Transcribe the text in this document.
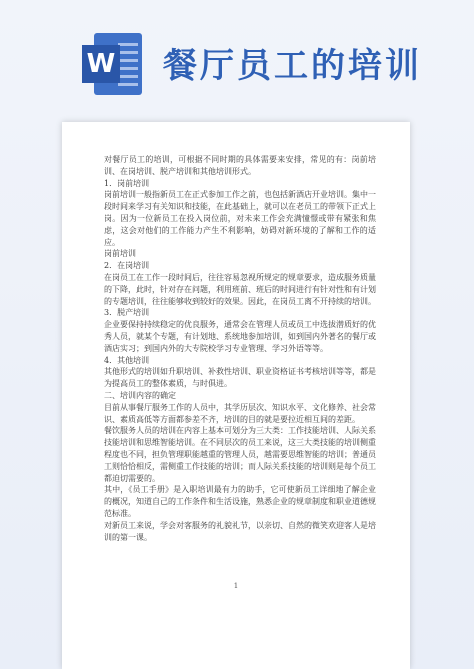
W 餐厅员工的培训

对餐厅员工的培训，可根据不同时期的具体需要来安排，常见的有：岗前培训、在岗培训、脱产培训和其他培训形式。

1．岗前培训

岗前培训一般指新员工在正式参加工作之前，也包括新酒店开业培训。集中一段时间来学习有关知识和技能，在此基础上，就可以在老员工的带领下正式上岗。因为一位新员工在投入岗位前，对未来工作会充满憧憬或带有紧张和焦虑，这会对他们的工作能力产生不利影响，妨碍对新环境的了解和工作的适应。

岗前培训

2．在岗培训

在岗员工在工作一段时间后，往往容易忽视所规定的规章要求，造成服务质量的下降，此时，针对存在问题，利用班前、班后的时间进行有针对性和有计划的专题培训，往往能够收到较好的效果。因此，在岗员工离不开持续的培训。

3．脱产培训

企业要保持持续稳定的优良服务，通常会在管理人员或员工中选拔潜质好的优秀人员，就某个专题，有计划地、系统地参加培训，如到国内外著名的餐厅或酒店实习；到国内外的大专院校学习专业管理、学习外语等等。

4．其他培训

其他形式的培训如升职培训、补救性培训、职业资格证书考核培训等等，都是为提高员工的整体素质，与时俱进。

二、培训内容的确定

目前从事餐厅服务工作的人员中，其学历层次、知识水平、文化修养、社会常识、素质高低等方面都参差不齐，培训的目的就是要拉近相互间的差距。

餐饮服务人员的培训在内容上基本可划分为三大类：工作技能培训、人际关系技能培训和思维智能培训。在不同层次的员工来说，这三大类技能的培训侧重程度也不同，担负管理职能越重的管理人员，越需要思维智能的培训；普通员工则恰恰相反，需侧重工作技能的培训；而人际关系技能的培训则是每个员工都迫切需要的。

其中，《员工手册》是入职培训最有力的助手，它可使新员工详细地了解企业的概况，知道自己的工作条件和生活设施，熟悉企业的规章制度和职业道德规范标准。

对新员工来说，学会对客服务的礼貌礼节，以亲切、自然的微笑欢迎客人是培训的第一课。

1
